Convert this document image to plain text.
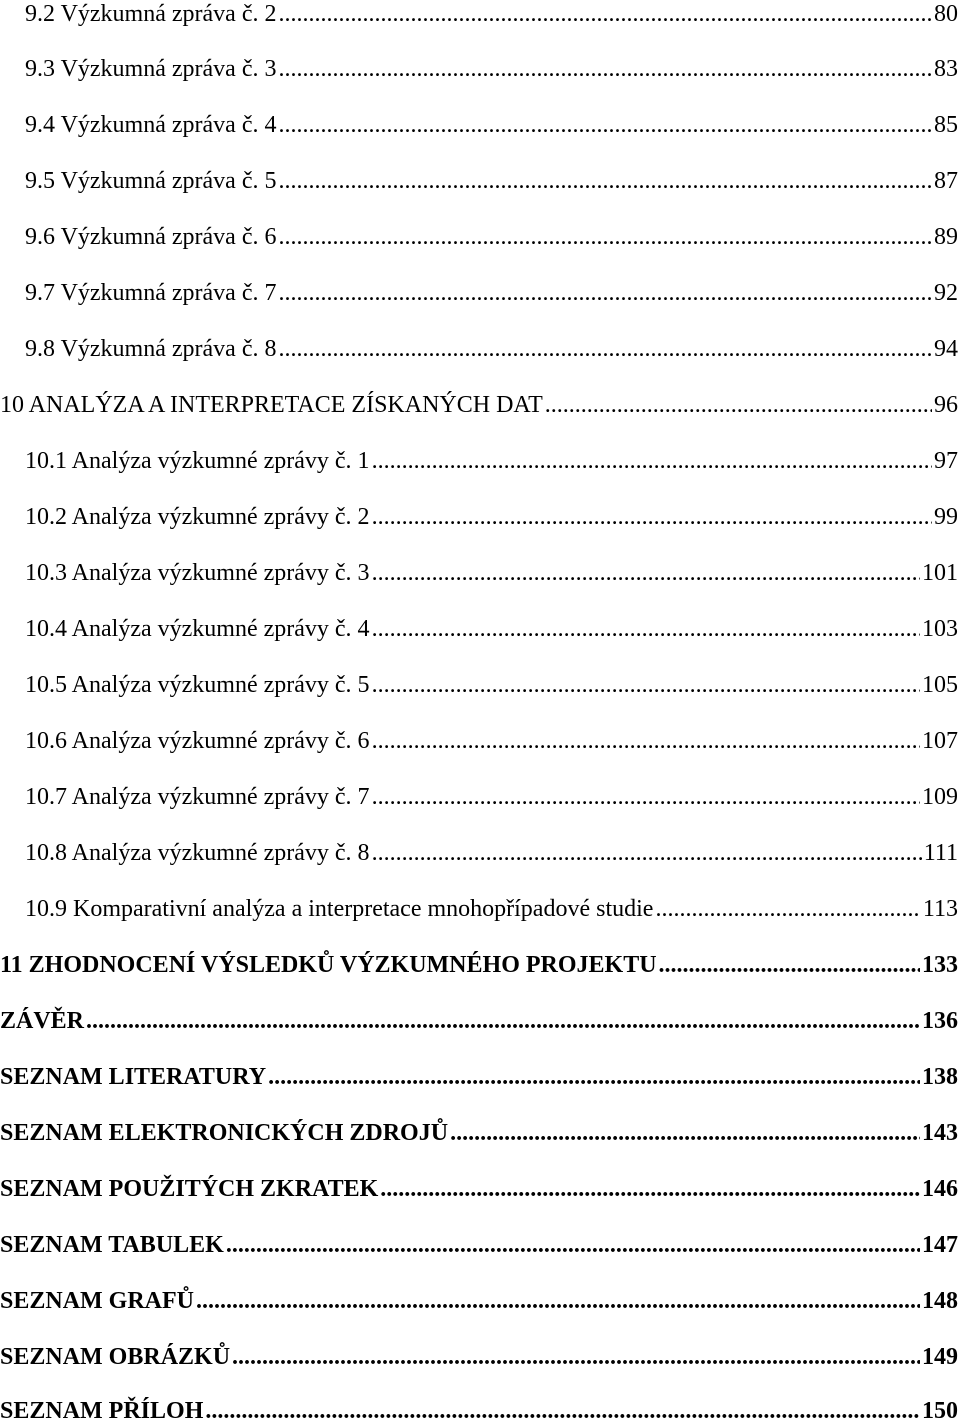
9.2 Výzkumná zpráva č. 2 .....	80
9.3 Výzkumná zpráva č. 3 .....	83
9.4 Výzkumná zpráva č. 4 .....	85
9.5 Výzkumná zpráva č. 5 .....	87
9.6 Výzkumná zpráva č. 6 .....	89
9.7 Výzkumná zpráva č. 7 .....	92
9.8 Výzkumná zpráva č. 8 .....	94
10 ANALÝZA A INTERPRETACE ZÍSKANÝCH DAT .....	96
10.1 Analýza výzkumné zprávy č. 1 .....	97
10.2 Analýza výzkumné zprávy č. 2 .....	99
10.3 Analýza výzkumné zprávy č. 3 .....	101
10.4 Analýza výzkumné zprávy č. 4 .....	103
10.5 Analýza výzkumné zprávy č. 5 .....	105
10.6 Analýza výzkumné zprávy č. 6 .....	107
10.7 Analýza výzkumné zprávy č. 7 .....	109
10.8 Analýza výzkumné zprávy č. 8 .....	111
10.9 Komparativní analýza a interpretace mnohopřípadové studie .....	113
11 ZHODNOCENÍ VÝSLEDKŮ VÝZKUMNÉHO PROJEKTU .....	133
ZÁVĚR .....	136
SEZNAM LITERATURY .....	138
SEZNAM ELEKTRONICKÝCH ZDROJŮ .....	143
SEZNAM POUŽITÝCH ZKRATEK .....	146
SEZNAM TABULEK .....	147
SEZNAM GRAFŮ .....	148
SEZNAM OBRÁZKŮ .....	149
SEZNAM PŘÍLOH .....	150
